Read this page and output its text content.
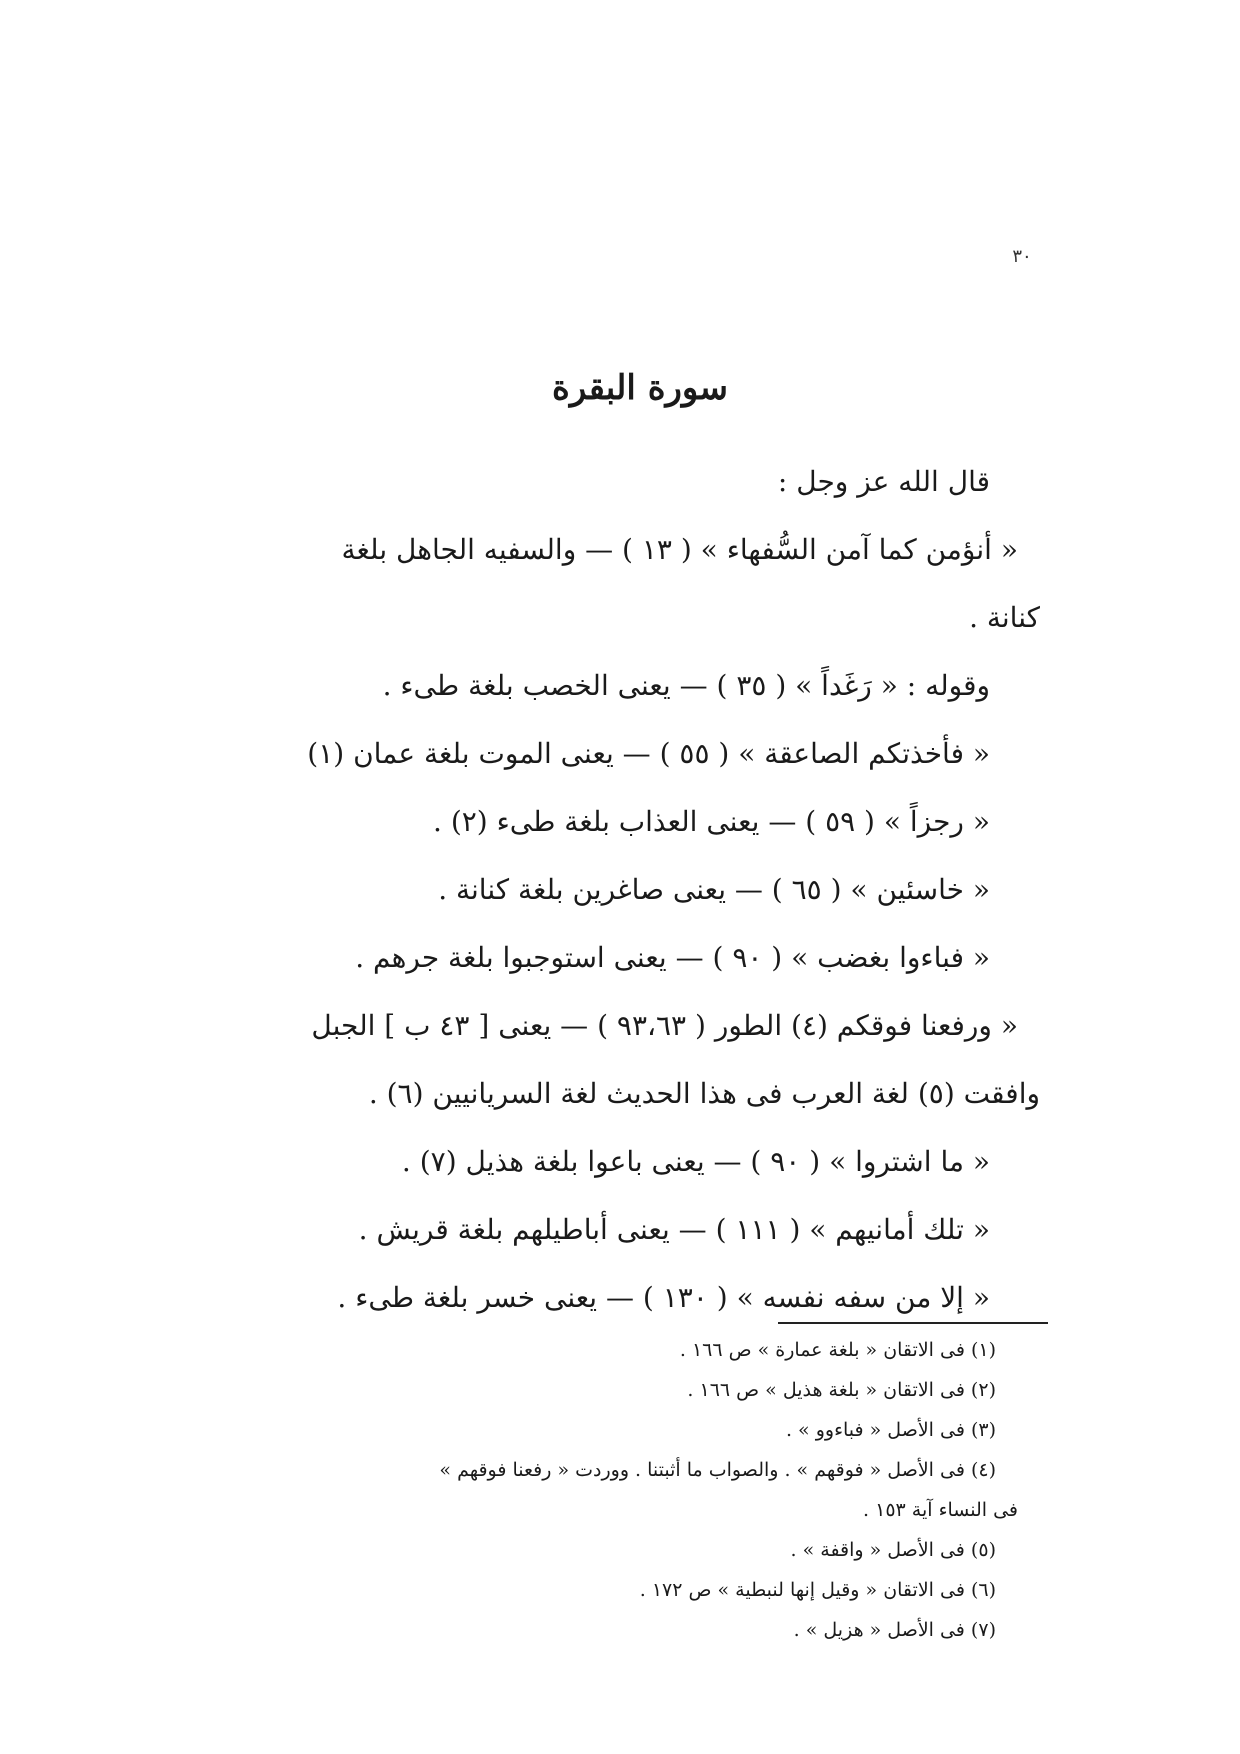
٣٠
سورة البقرة
قال الله عز وجل :
« أنؤمن كما آمن السُّفهاء » ( ١٣ ) — والسفيه الجاهل بلغة
كنانة .
وقوله : « رَغَداً » ( ٣٥ ) — يعنى الخصب بلغة طىء .
« فأخذتكم الصاعقة » ( ٥٥ ) — يعنى الموت بلغة عمان (١)
« رجزاً » ( ٥٩ ) — يعنى العذاب بلغة طىء (٢) .
« خاسئين » ( ٦٥ ) — يعنى صاغرين بلغة كنانة .
« فباءوا بغضب » ( ٩٠ ) — يعنى استوجبوا بلغة جرهم .
« ورفعنا فوقكم (٤) الطور ( ٩٣،٦٣ ) — يعنى [ ٤٣ ب ] الجبل
وافقت (٥) لغة العرب فى هذا الحديث لغة السريانيين (٦) .
« ما اشتروا » ( ٩٠ ) — يعنى باعوا بلغة هذيل (٧) .
« تلك أمانيهم » ( ١١١ ) — يعنى أباطيلهم بلغة قريش .
« إلا من سفه نفسه » ( ١٣٠ ) — يعنى خسر بلغة طىء .
(١) فى الاتقان « بلغة عمارة » ص ١٦٦ .
(٢) فى الاتقان « بلغة هذيل » ص ١٦٦ .
(٣) فى الأصل « فباءوو » .
(٤) فى الأصل « فوقهم » . والصواب ما أثبتنا . ووردت « رفعنا فوقهم »
فى النساء آية ١٥٣ .
(٥) فى الأصل « واقفة » .
(٦) فى الاتقان « وقيل إنها لنبطية » ص ١٧٢ .
(٧) فى الأصل « هزيل » .
